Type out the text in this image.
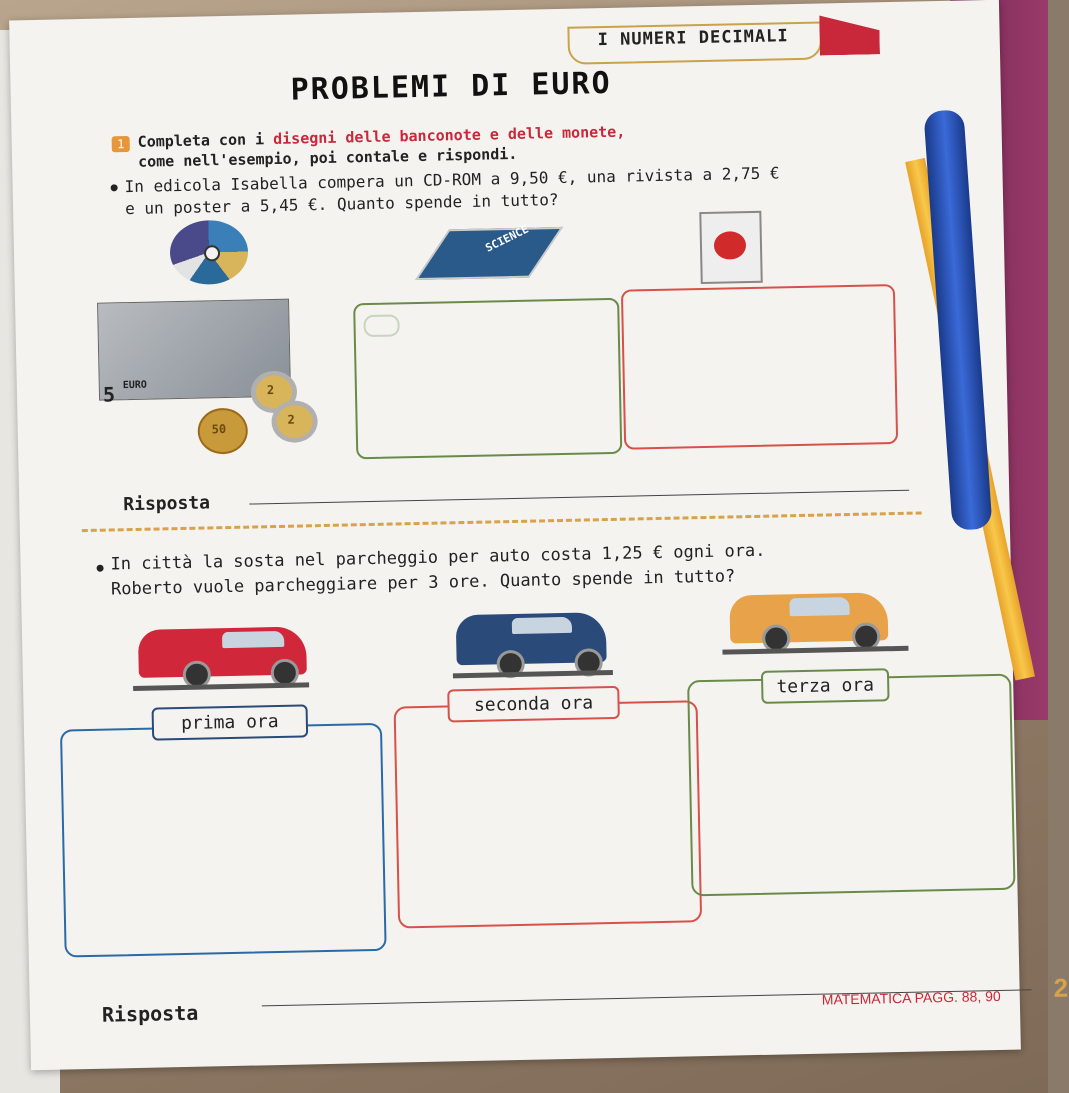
I NUMERI DECIMALI
PROBLEMI DI EURO
1 Completa con i disegni delle banconote e delle monete,
come nell'esempio, poi contale e rispondi.
In edicola Isabella compera un CD-ROM a 9,50 €, una rivista a 2,75 €
e un poster a 5,45 €. Quanto spende in tutto?
SCIENCE
5 EURO	2
2
50
Risposta
In città la sosta nel parcheggio per auto costa 1,25 € ogni ora.
Roberto vuole parcheggiare per 3 ore. Quanto spende in tutto?
prima ora
seconda ora
terza ora
Risposta
MATEMATICA PAGG. 88, 90 2
